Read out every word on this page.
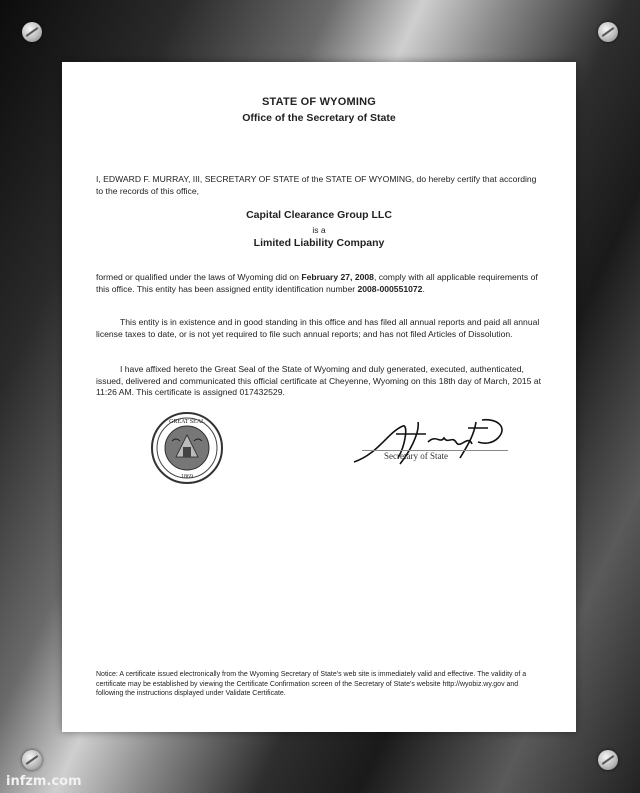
STATE OF WYOMING
Office of the Secretary of State
I, EDWARD F. MURRAY, III, SECRETARY OF STATE of the STATE OF WYOMING, do hereby certify that according to the records of this office,
Capital Clearance Group LLC
is a
Limited Liability Company
formed or qualified under the laws of Wyoming did on February 27, 2008, comply with all applicable requirements of this office. This entity has been assigned entity identification number 2008-000551072.
This entity is in existence and in good standing in this office and has filed all annual reports and paid all annual license taxes to date, or is not yet required to file such annual reports; and has not filed Articles of Dissolution.
I have affixed hereto the Great Seal of the State of Wyoming and duly generated, executed, authenticated, issued, delivered and communicated this official certificate at Cheyenne, Wyoming on this 18th day of March, 2015 at 11:26 AM. This certificate is assigned 017432529.
GREAT SEAL
1869
Secretary of State
Notice: A certificate issued electronically from the Wyoming Secretary of State's web site is immediately valid and effective. The validity of a certificate may be established by viewing the Certificate Confirmation screen of the Secretary of State's website http://wyobiz.wy.gov and following the instructions displayed under Validate Certificate.
infzm.com
